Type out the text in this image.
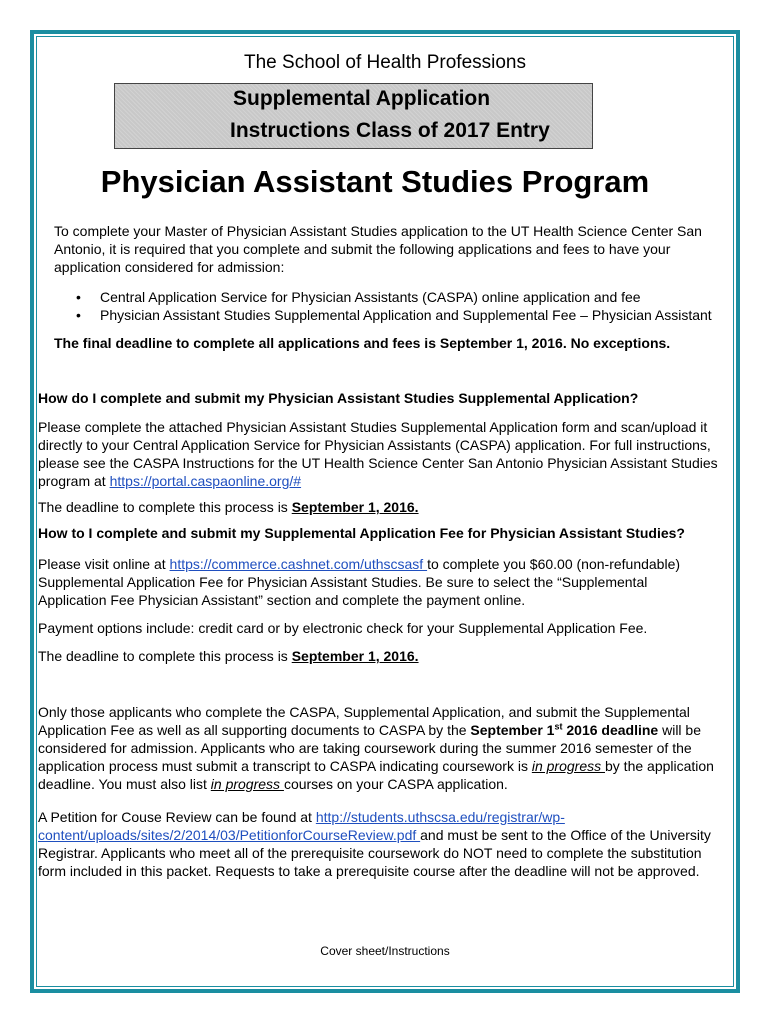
The School of Health Professions
Supplemental Application
Instructions Class of 2017 Entry
Physician Assistant Studies Program

To complete your Master of Physician Assistant Studies application to the UT Health Science Center San Antonio, it is required that you complete and submit the following applications and fees to have your application considered for admission:

• Central Application Service for Physician Assistants (CASPA) online application and fee
• Physician Assistant Studies Supplemental Application and Supplemental Fee – Physician Assistant
The final deadline to complete all applications and fees is September 1, 2016. No exceptions.
How do I complete and submit my Physician Assistant Studies Supplemental Application?

Please complete the attached Physician Assistant Studies Supplemental Application form and scan/upload it directly to your Central Application Service for Physician Assistants (CASPA) application. For full instructions, please see the CASPA Instructions for the UT Health Science Center San Antonio Physician Assistant Studies program at https://portal.caspaonline.org/#

The deadline to complete this process is September 1, 2016.

How to I complete and submit my Supplemental Application Fee for Physician Assistant Studies?

Please visit online at https://commerce.cashnet.com/uthscsasf to complete you $60.00 (non-refundable) Supplemental Application Fee for Physician Assistant Studies. Be sure to select the “Supplemental Application Fee Physician Assistant” section and complete the payment online.

Payment options include: credit card or by electronic check for your Supplemental Application Fee.

The deadline to complete this process is September 1, 2016.

Only those applicants who complete the CASPA, Supplemental Application, and submit the Supplemental Application Fee as well as all supporting documents to CASPA by the September 1st 2016 deadline will be considered for admission. Applicants who are taking coursework during the summer 2016 semester of the application process must submit a transcript to CASPA indicating coursework is in progress by the application deadline. You must also list in progress courses on your CASPA application.

A Petition for Couse Review can be found at http://students.uthscsa.edu/registrar/wp-content/uploads/sites/2/2014/03/PetitionforCourseReview.pdf and must be sent to the Office of the University Registrar. Applicants who meet all of the prerequisite coursework do NOT need to complete the substitution form included in this packet. Requests to take a prerequisite course after the deadline will not be approved.

Cover sheet/Instructions
